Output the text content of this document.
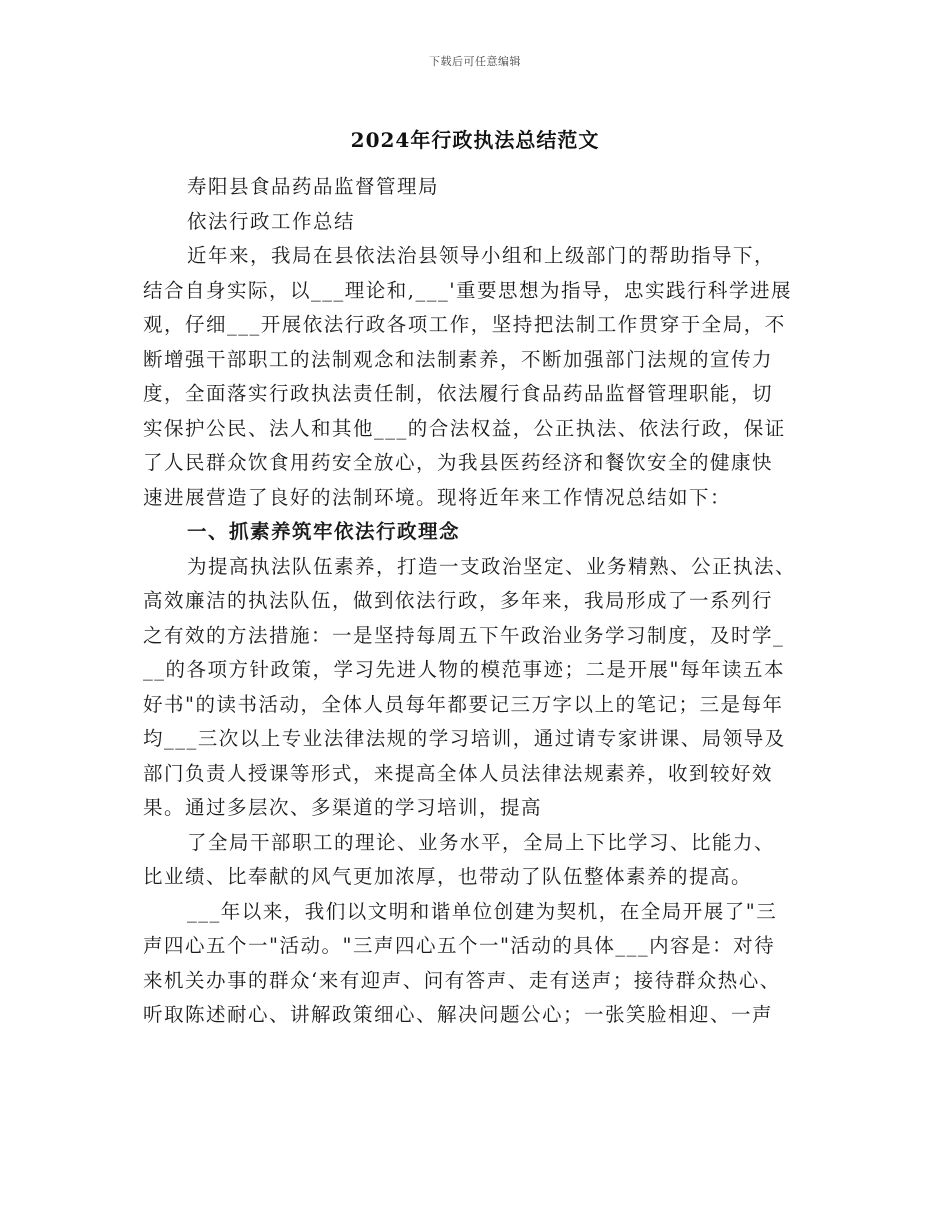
下载后可任意编辑
2024年行政执法总结范文
寿阳县食品药品监督管理局
依法行政工作总结
近年来，我局在县依法治县领导小组和上级部门的帮助指导下，
结合自身实际，以___理论和,___'重要思想为指导，忠实践行科学进展
观，仔细___开展依法行政各项工作，坚持把法制工作贯穿于全局，不
断增强干部职工的法制观念和法制素养，不断加强部门法规的宣传力
度，全面落实行政执法责任制，依法履行食品药品监督管理职能，切
实保护公民、法人和其他___的合法权益，公正执法、依法行政，保证
了人民群众饮食用药安全放心，为我县医药经济和餐饮安全的健康快
速进展营造了良好的法制环境。现将近年来工作情况总结如下：
一、抓素养筑牢依法行政理念
为提高执法队伍素养，打造一支政治坚定、业务精熟、公正执法、
高效廉洁的执法队伍，做到依法行政，多年来，我局形成了一系列行
之有效的方法措施：一是坚持每周五下午政治业务学习制度，及时学_
__的各项方针政策，学习先进人物的模范事迹；二是开展"每年读五本
好书"的读书活动，全体人员每年都要记三万字以上的笔记；三是每年
均___三次以上专业法律法规的学习培训，通过请专家讲课、局领导及
部门负责人授课等形式，来提高全体人员法律法规素养，收到较好效
果。通过多层次、多渠道的学习培训，提高
了全局干部职工的理论、业务水平，全局上下比学习、比能力、
比业绩、比奉献的风气更加浓厚，也带动了队伍整体素养的提高。
___年以来，我们以文明和谐单位创建为契机，在全局开展了"三
声四心五个一"活动。"三声四心五个一"活动的具体___内容是：对待
来机关办事的群众‘来有迎声、问有答声、走有送声；接待群众热心、
听取陈述耐心、讲解政策细心、解决问题公心；一张笑脸相迎、一声
